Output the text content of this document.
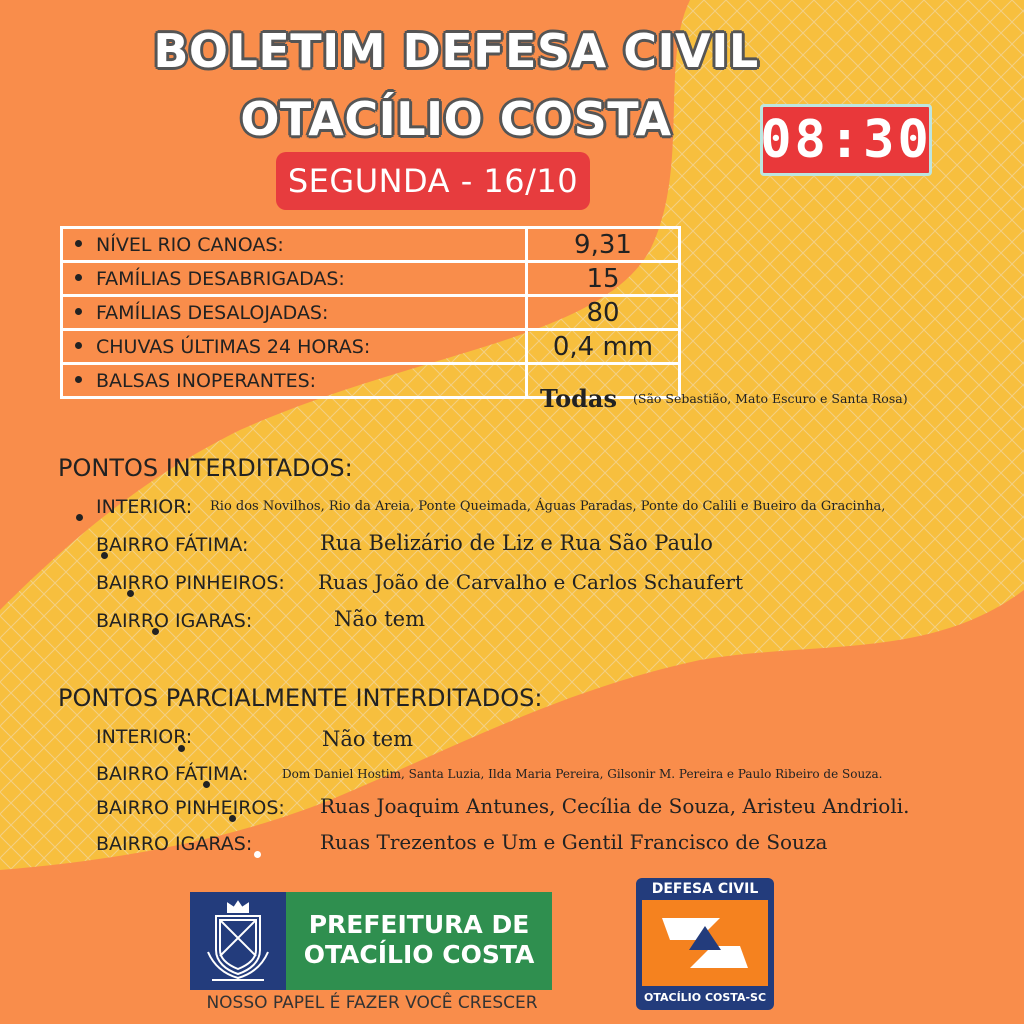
BOLETIM DEFESA CIVIL
OTACÍLIO COSTA	08:30
SEGUNDA - 16/10
NÍVEL RIO CANOAS:	9,31
FAMÍLIAS DESABRIGADAS:	15
FAMÍLIAS DESALOJADAS:	80
CHUVAS ÚLTIMAS 24 HORAS:	0,4 mm
BALSAS INOPERANTES:	
Todas (São Sebastião, Mato Escuro e Santa Rosa)
PONTOS INTERDITADOS:

INTERIOR: Rio dos Novilhos, Rio da Areia, Ponte Queimada, Águas Paradas, Ponte do Calili e Bueiro da Gracinha,

BAIRRO FÁTIMA:	Rua Belizário de Liz e Rua São Paulo

BAIRRO PINHEIROS: Ruas João de Carvalho e Carlos Schaufert

BAIRRO IGARAS:	Não tem
PONTOS PARCIALMENTE INTERDITADOS:

INTERIOR:	Não tem

BAIRRO FÁTIMA:	Dom Daniel Hostim, Santa Luzia, Ilda Maria Pereira, Gilsonir M. Pereira e Paulo Ribeiro de Souza.

BAIRRO PINHEIROS: Ruas Joaquim Antunes, Cecília de Souza, Aristeu Andrioli.
BAIRRO IGARAS:	Ruas Trezentos e Um e Gentil Francisco de Souza
PREFEITURA DE
OTACÍLIO COSTA
NOSSO PAPEL É FAZER VOCÊ CRESCER
DEFESA CIVIL
OTACÍLIO COSTA-SC
